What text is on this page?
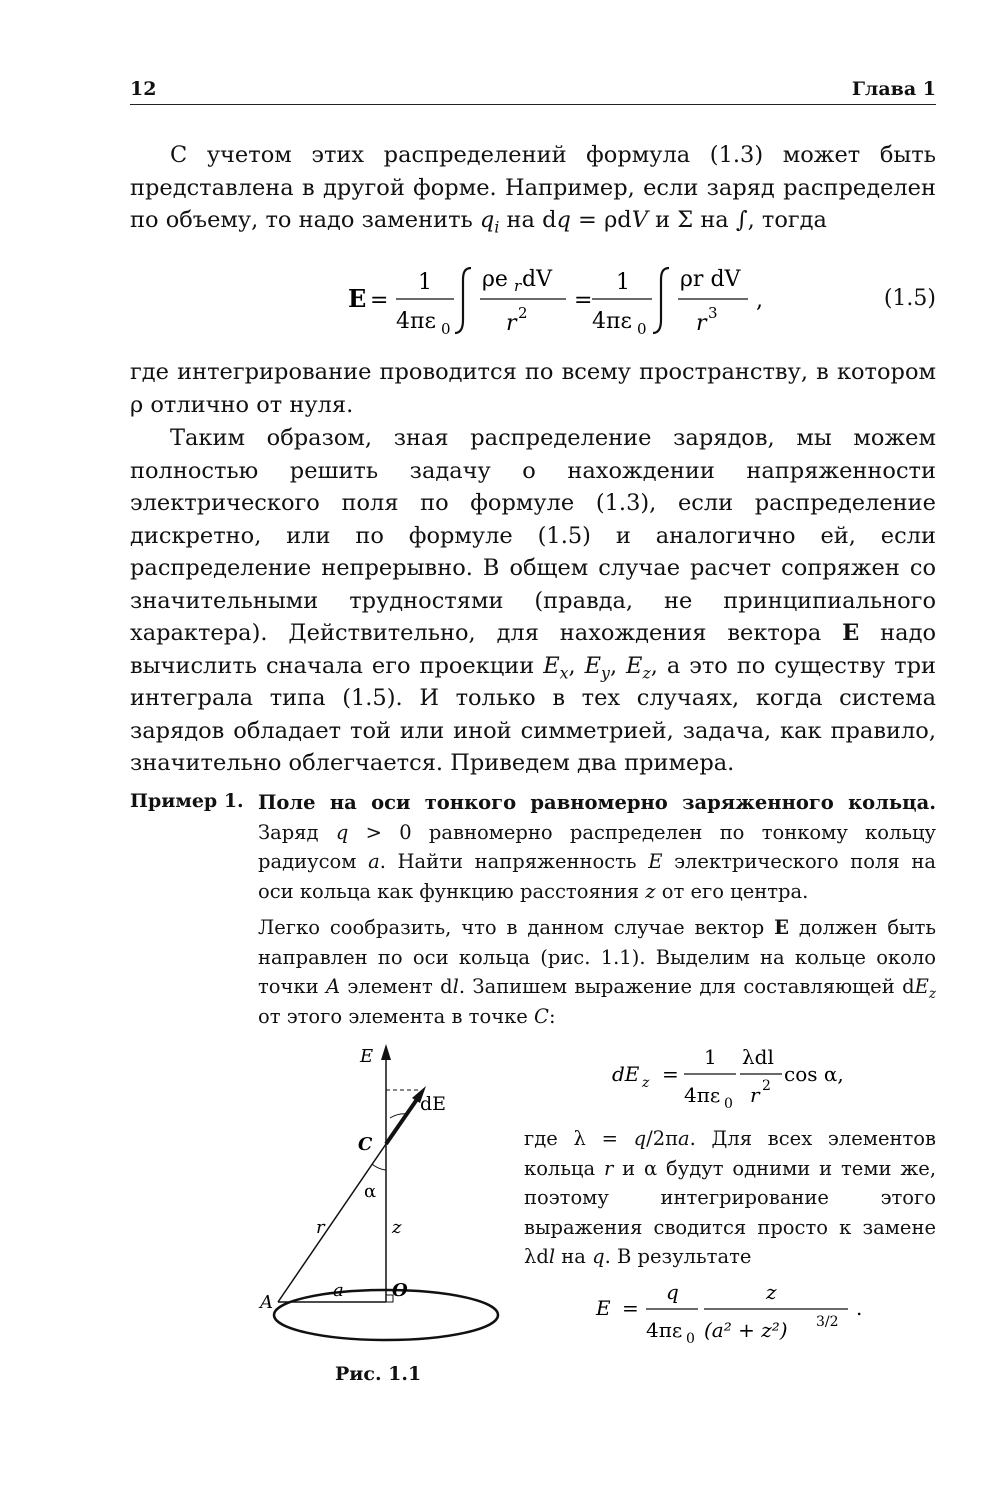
12	Глава 1

С учетом этих распределений формула (1.3) может быть представлена в другой форме. Например, если заряд распределен по объему, то надо заменить $q_i$ на dq = ρdV и Σ на ∫, тогда

E =
1
4πε 0
ρe r dV
r 2 =
1
4πε 0
ρr dV
r 3 ,	(1.5)

где интегрирование проводится по всему пространству, в котором ρ отлично от нуля.

Таким образом, зная распределение зарядов, мы можем полностью решить задачу о нахождении напряженности электрического поля по формуле (1.3), если распределение дискретно, или по формуле (1.5) и аналогично ей, если распределение непрерывно. В общем случае расчет сопряжен со значительными трудностями (правда, не принципиального характера). Действительно, для нахождения вектора E надо вычислить сначала его проекции $E_x$, $E_y$, $E_z$, а это по существу три интеграла типа (1.5). И только в тех случаях, когда система зарядов обладает той или иной симметрией, задача, как правило, значительно облегчается. Приведем два примера.

Пример 1. Поле на оси тонкого равномерно заряженного кольца. Заряд q > 0 равномерно распределен по тонкому кольцу радиусом a. Найти напряженность E электрического поля на оси кольца как функцию расстояния z от его центра.

Легко сообразить, что в данном случае вектор E должен быть направлен по оси кольца (рис. 1.1). Выделим на кольце около точки A элемент dl. Запишем выражение для составляющей $dE_z$ от этого элемента в точке C:

E
dE
C
α
r	z
A
a	O
Рис. 1.1
dE z =
1
4πε 0
λdl
r 2 cos α,

где λ = q/2πa. Для всех элементов кольца r и α будут одними и теми же, поэтому интегрирование этого выражения сводится просто к замене λdl на q. В результате

E =
q
4πε 0
z
(a² + z²) 3/2
.
